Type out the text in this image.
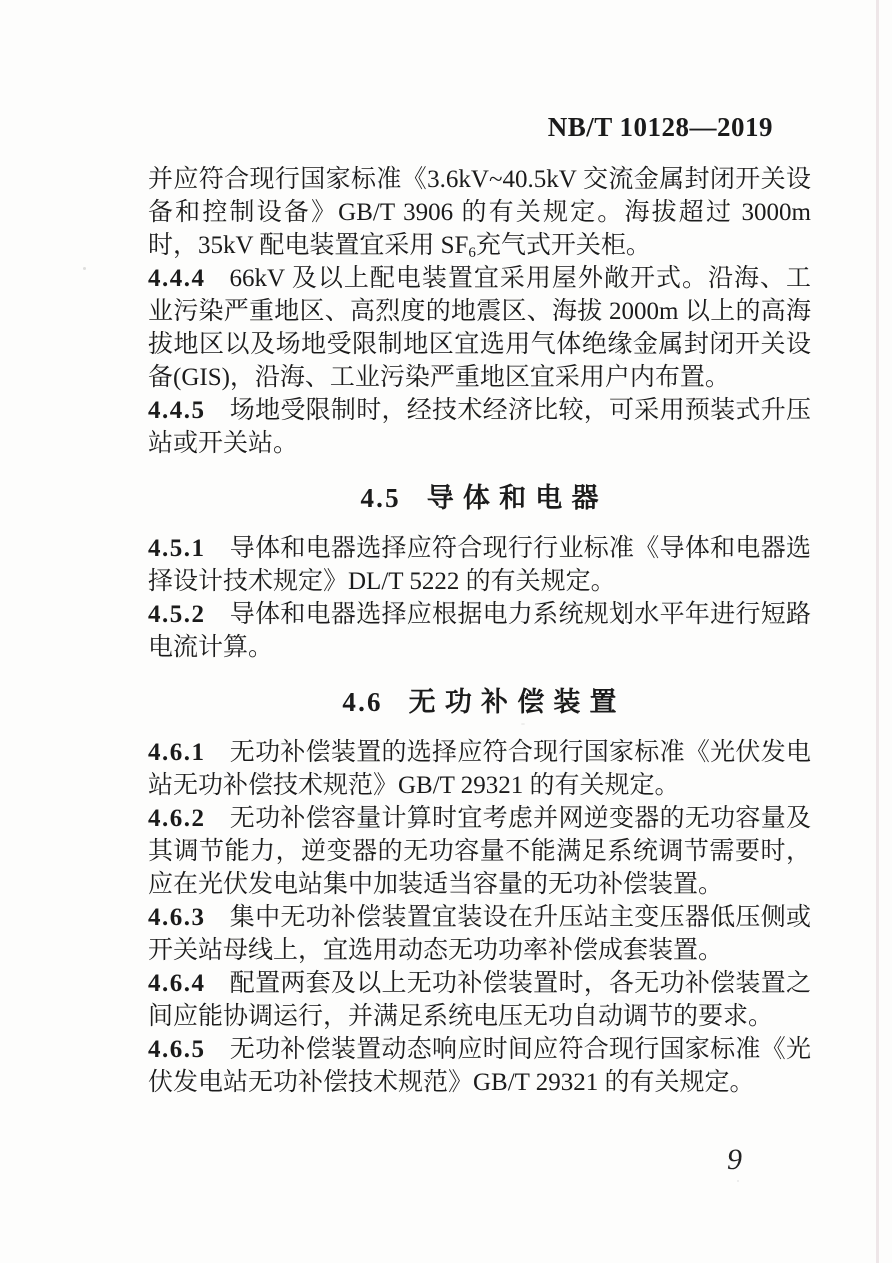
NB/T 10128—2019

并应符合现行国家标准《3.6kV~40.5kV 交流金属封闭开关设备和控制设备》GB/T 3906 的有关规定。海拔超过 3000m 时，35kV 配电装置宜采用 $SF_6$充气式开关柜。

4.4.4 66kV 及以上配电装置宜采用屋外敞开式。沿海、工业污染严重地区、高烈度的地震区、海拔 2000m 以上的高海拔地区以及场地受限制地区宜选用气体绝缘金属封闭开关设备(GIS)，沿海、工业污染严重地区宜采用户内布置。

4.4.5 场地受限制时，经技术经济比较，可采用预装式升压站或开关站。

4.5 导体和电器

4.5.1 导体和电器选择应符合现行行业标准《导体和电器选择设计技术规定》DL/T 5222 的有关规定。

4.5.2 导体和电器选择应根据电力系统规划水平年进行短路电流计算。

4.6 无功补偿装置

4.6.1 无功补偿装置的选择应符合现行国家标准《光伏发电站无功补偿技术规范》GB/T 29321 的有关规定。

4.6.2 无功补偿容量计算时宜考虑并网逆变器的无功容量及其调节能力，逆变器的无功容量不能满足系统调节需要时，应在光伏发电站集中加装适当容量的无功补偿装置。

4.6.3 集中无功补偿装置宜装设在升压站主变压器低压侧或开关站母线上，宜选用动态无功功率补偿成套装置。

4.6.4 配置两套及以上无功补偿装置时，各无功补偿装置之间应能协调运行，并满足系统电压无功自动调节的要求。

4.6.5 无功补偿装置动态响应时间应符合现行国家标准《光伏发电站无功补偿技术规范》GB/T 29321 的有关规定。

9
